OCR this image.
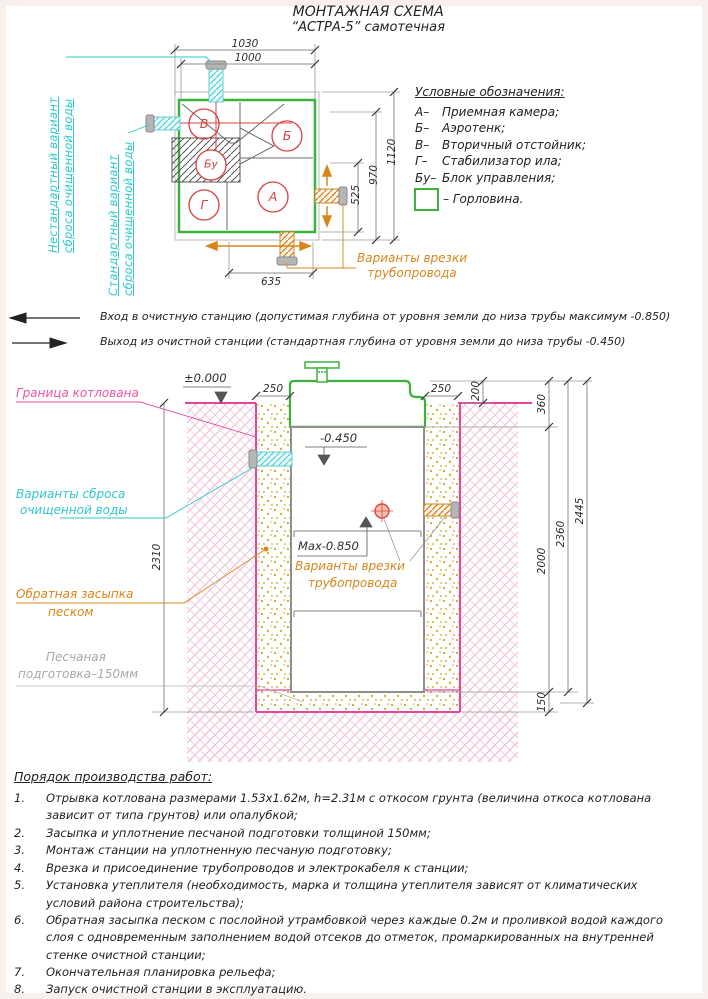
МОНТАЖНАЯ СХЕМА
“АСТРА-5” самотечная
Нестандартный вариант сброса очищенной воды	Стандартный вариант сброса очищенной воды
1030
1000
1120
970
525
635
В
Б
Бу
Г
А
Варианты врезки
трубопровода
Условные обозначения:
А– Приемная камера;
Б– Аэротенк;
В– Вторичный отстойник;
Г– Стабилизатор ила;
Бу– Блок управления;
– Горловина.
Вход в очистную станцию (допустимая глубина от уровня земли до низа трубы максимум -0.850)
Выход из очистной станции (стандартная глубина от уровня земли до низа трубы -0.450)
Граница котлована
Варианты сброса
очищенной воды
Обратная засыпка
песком
Песчаная
подготовка–150мм
Варианты врезки
трубопровода
±0.000
-0.450
Мах-0.850
250	250 200
360
2000
2360
2445
150
2310
Порядок производства работ:
1. Отрывка котлована размерами 1.53х1.62м, h=2.31м с откосом грунта (величина откоса котлована
зависит от типа грунтов) или опалубкой;
2. Засыпка и уплотнение песчаной подготовки толщиной 150мм;
3. Монтаж станции на уплотненную песчаную подготовку;
4. Врезка и присоединение трубопроводов и электрокабеля к станции;
5. Установка утеплителя (необходимость, марка и толщина утеплителя зависят от климатических
условий района строительства);
6. Обратная засыпка песком с послойной утрамбовкой через каждые 0.2м и проливкой водой каждого
слоя с одновременным заполнением водой отсеков до отметок, промаркированных на внутренней
стенке очистной станции;
7. Окончательная планировка рельефа;
8. Запуск очистной станции в эксплуатацию.
